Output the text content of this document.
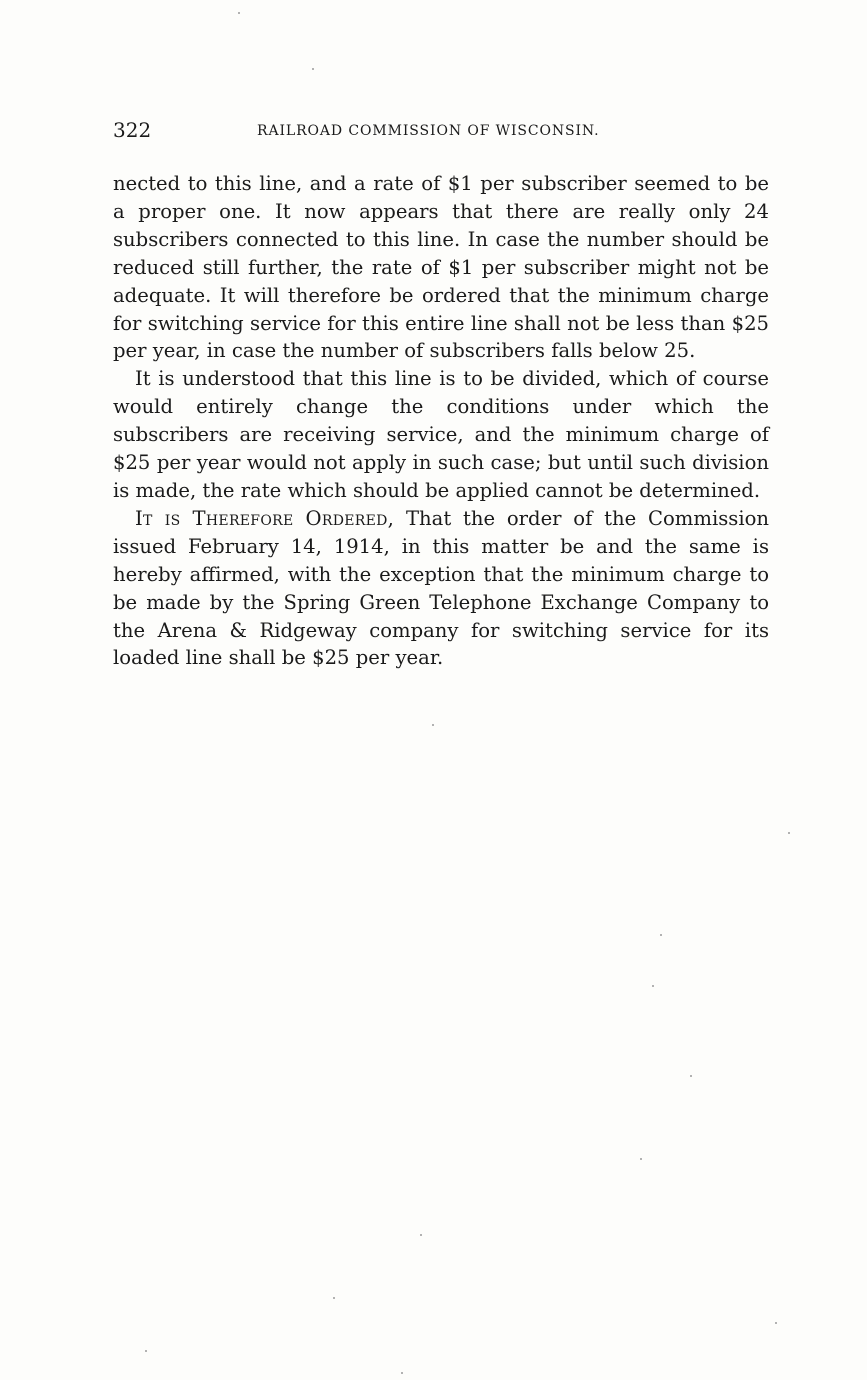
322	RAILROAD COMMISSION OF WISCONSIN.

nected to this line, and a rate of $1 per subscriber seemed to be a proper one. It now appears that there are really only 24 subscribers connected to this line. In case the number should be reduced still further, the rate of $1 per subscriber might not be adequate. It will therefore be ordered that the minimum charge for switching service for this entire line shall not be less than $25 per year, in case the number of subscribers falls below 25.

It is understood that this line is to be divided, which of course would entirely change the conditions under which the subscribers are receiving service, and the minimum charge of $25 per year would not apply in such case; but until such division is made, the rate which should be applied cannot be determined.

It is Therefore Ordered, That the order of the Commission issued February 14, 1914, in this matter be and the same is hereby affirmed, with the exception that the minimum charge to be made by the Spring Green Telephone Exchange Company to the Arena & Ridgeway company for switching service for its loaded line shall be $25 per year.
